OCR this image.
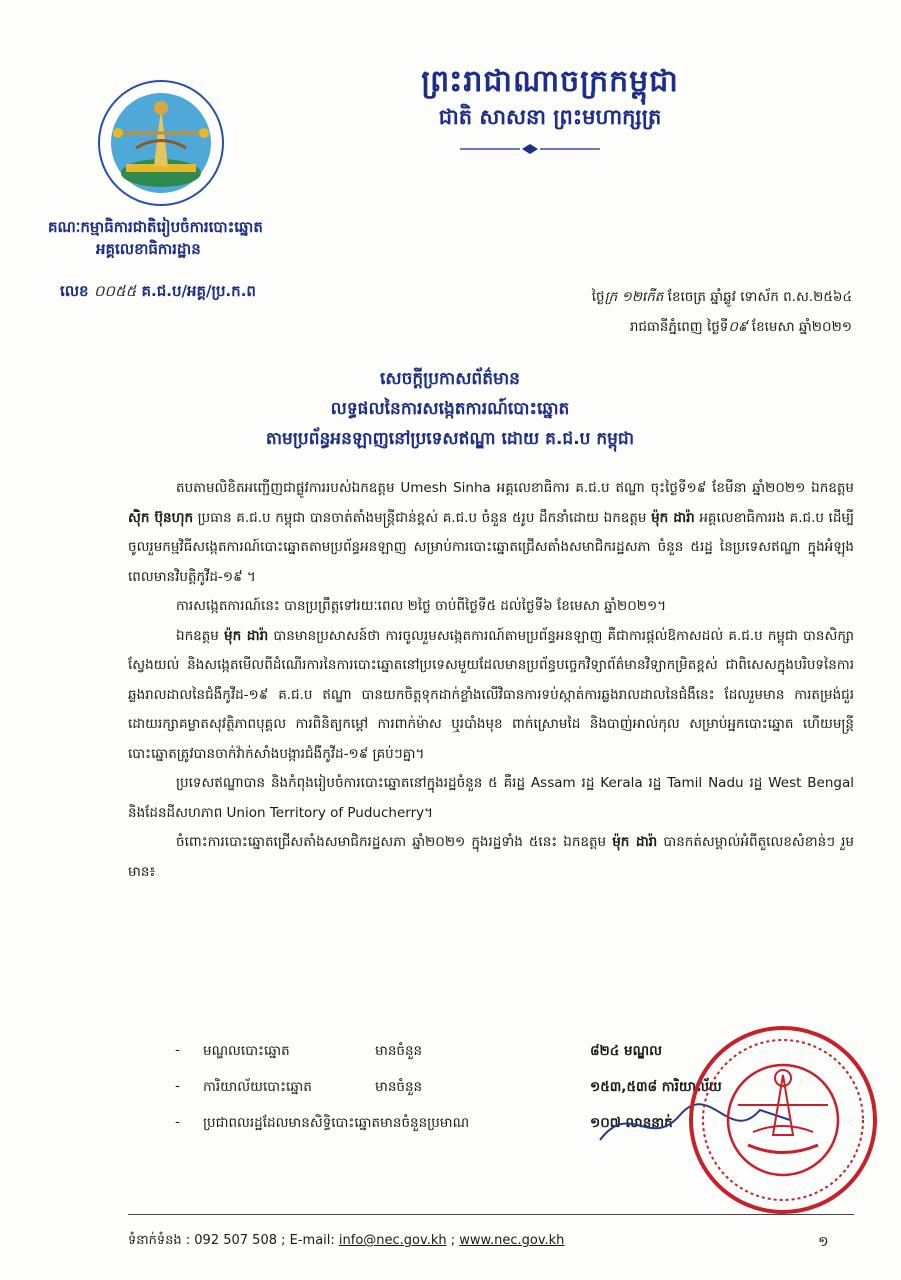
ព្រះរាជាណាចក្រកម្ពុជា
ជាតិ សាសនា ព្រះមហាក្សត្រ
គណៈកម្មាធិការជាតិរៀបចំការបោះឆ្នោត
អគ្គលេខាធិការដ្ឋាន
លេខ ០០៥៥ គ.ជ.ប/អគ្គ/ប្រ.ក.ព	ថ្ងៃក្រ ១២កើត ខែចេត្រ ឆ្នាំឆ្លូវ ទោស័ក ព.ស.២៥៦៤
រាជធានីភ្នំពេញ ថ្ងៃទី០៩ ខែមេសា ឆ្នាំ២០២១
សេចក្ដីប្រកាសព័ត៌មាន
លទ្ធផលនៃការសង្កេតការណ៍បោះឆ្នោត
តាមប្រព័ន្ធអនឡាញនៅប្រទេសឥណ្ឌា ដោយ គ.ជ.ប កម្ពុជា

តបតាមលិខិតអញ្ជើញជាផ្លូវការរបស់ឯកឧត្តម Umesh Sinha អគ្គលេខាធិការ គ.ជ.ប ឥណ្ឌា ចុះថ្ងៃទី១៩ ខែមីនា ឆ្នាំ២០២១ ឯកឧត្តម ស៊ិក ប៊ុនហុក ប្រធាន គ.ជ.ប កម្ពុជា បានចាត់តាំងមន្ត្រីជាន់ខ្ពស់ គ.ជ.ប ចំនួន ៥រូប ដឹកនាំដោយ ឯកឧត្តម ម៉ុក ដារ៉ា អគ្គលេខាធិការរង គ.ជ.ប ដើម្បីចូលរួមកម្មវិធីសង្កេតការណ៍បោះឆ្នោតតាមប្រព័ន្ធអនឡាញ សម្រាប់ការបោះឆ្នោតជ្រើសតាំងសមាជិករដ្ឋសភា ចំនួន ៥រដ្ឋ នៃប្រទេសឥណ្ឌា ក្នុងអំឡុងពេលមានវិបត្តិកូវីដ-១៩ ។

ការសង្កេតការណ៍នេះ បានប្រព្រឹត្តទៅរយៈពេល ២ថ្ងៃ ចាប់ពីថ្ងៃទី៥ ដល់ថ្ងៃទី៦ ខែមេសា ឆ្នាំ២០២១។

ឯកឧត្តម ម៉ុក ដារ៉ា បានមានប្រសាសន៍ថា ការចូលរួមសង្កេតការណ៍តាមប្រព័ន្ធអនឡាញ គឺជាការផ្តល់ឱកាសដល់ គ.ជ.ប កម្ពុជា បានសិក្សា ស្វែងយល់ និងសង្កេតមើលពីដំណើរការនៃការបោះឆ្នោតនៅប្រទេសមួយដែលមានប្រព័ន្ធបច្ចេកវិទ្យាព័ត៌មានវិទ្យាកម្រិតខ្ពស់ ជាពិសេសក្នុងបរិបទនៃការឆ្លងរាលដាលនៃជំងឺកូវីដ-១៩ គ.ជ.ប ឥណ្ឌា បានយកចិត្តទុកដាក់ខ្លាំងលើវិធានការទប់ស្កាត់ការឆ្លងរាលដាលនៃជំងឺនេះ ដែលរួមមាន ការតម្រង់ជួរដោយរក្សាគម្លាតសុវត្ថិភាពបុគ្គល ការពិនិត្យកម្ដៅ ការពាក់ម៉ាស ឬរបាំងមុខ ពាក់ស្រោមដៃ និងបាញ់អាល់កុល សម្រាប់អ្នកបោះឆ្នោត ហើយមន្ត្រីបោះឆ្នោតត្រូវបានចាក់វ៉ាក់សាំងបង្ការជំងឺកូវីដ-១៩ គ្រប់ៗគ្នា។

ប្រទេសឥណ្ឌាបាន និងកំពុងរៀបចំការបោះឆ្នោតនៅក្នុងរដ្ឋចំនួន ៥ គឺរដ្ឋ Assam រដ្ឋ Kerala រដ្ឋ Tamil Nadu រដ្ឋ West Bengal និងដែនដីសហភាព Union Territory of Puducherry។

ចំពោះការបោះឆ្នោតជ្រើសតាំងសមាជិករដ្ឋសភា ឆ្នាំ២០២១ ក្នុងរដ្ឋទាំង ៥នេះ ឯកឧត្តម ម៉ុក ដារ៉ា បានកត់សម្គាល់អំពីតួលេខសំខាន់ៗ រួមមាន៖

- មណ្ឌលបោះឆ្នោត	មានចំនួន	៨២៤ មណ្ឌល
- ការិយាល័យបោះឆ្នោត	មានចំនួន	១៥៣,៥៣៨ ការិយាល័យ
- ប្រជាពលរដ្ឋដែលមានសិទ្ធិបោះឆ្នោតមានចំនួនប្រមាណ	១០៧ លាននាក់
ទំនាក់ទំនង : 092 507 508 ; E-mail: info@nec.gov.kh ; www.nec.gov.kh	១
